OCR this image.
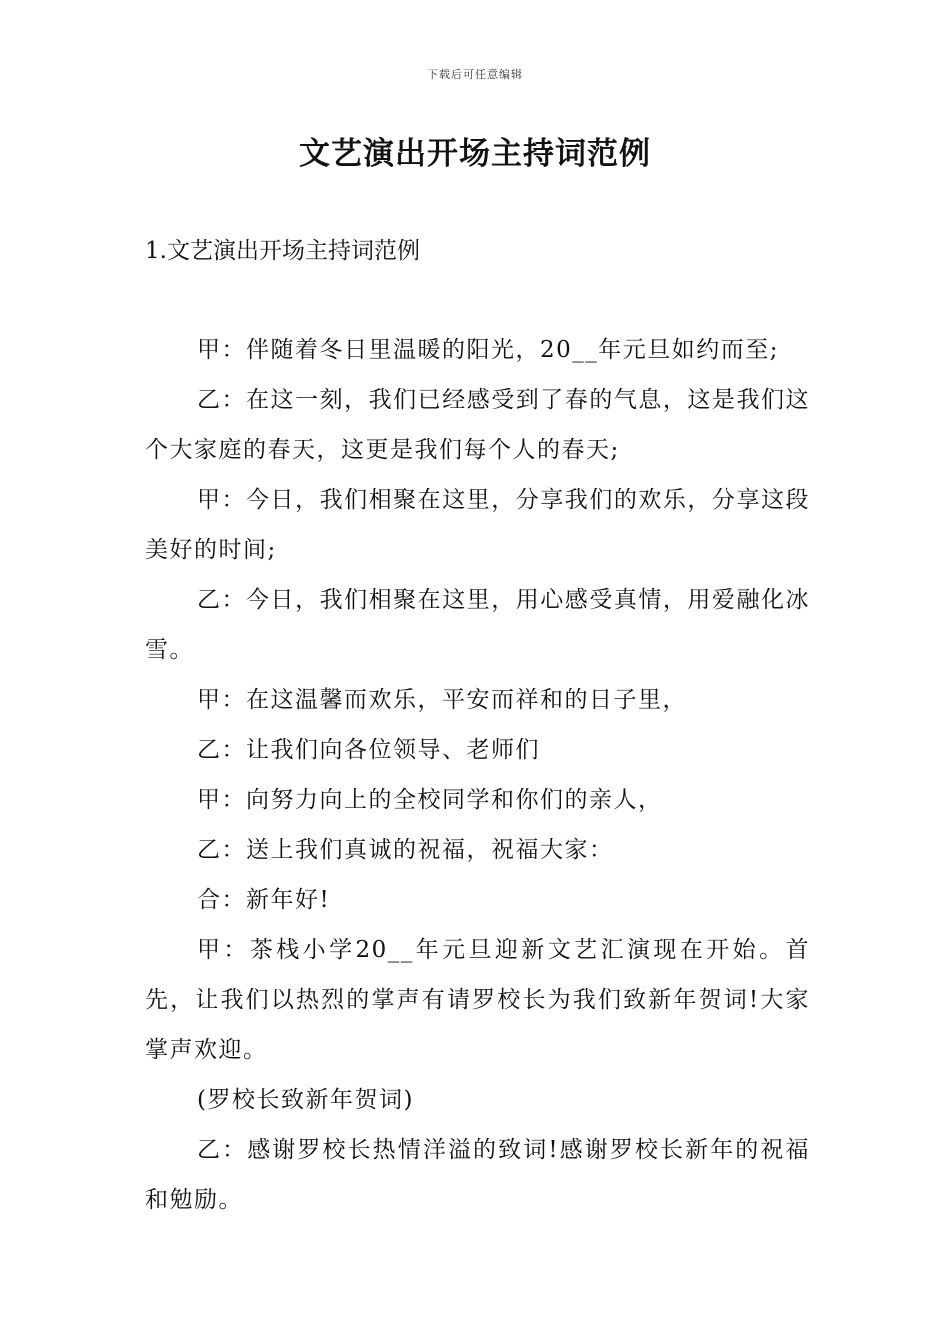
下载后可任意编辑
文艺演出开场主持词范例
1.文艺演出开场主持词范例

甲：伴随着冬日里温暖的阳光，20__年元旦如约而至;

乙：在这一刻，我们已经感受到了春的气息，这是我们这个大家庭的春天，这更是我们每个人的春天;

甲：今日，我们相聚在这里，分享我们的欢乐，分享这段美好的时间;

乙：今日，我们相聚在这里，用心感受真情，用爱融化冰雪。

甲：在这温馨而欢乐，平安而祥和的日子里，

乙：让我们向各位领导、老师们

甲：向努力向上的全校同学和你们的亲人，

乙：送上我们真诚的祝福，祝福大家：

合：新年好!

甲：茶栈小学20__年元旦迎新文艺汇演现在开始。首先，让我们以热烈的掌声有请罗校长为我们致新年贺词!大家掌声欢迎。

(罗校长致新年贺词)

乙：感谢罗校长热情洋溢的致词!感谢罗校长新年的祝福和勉励。
